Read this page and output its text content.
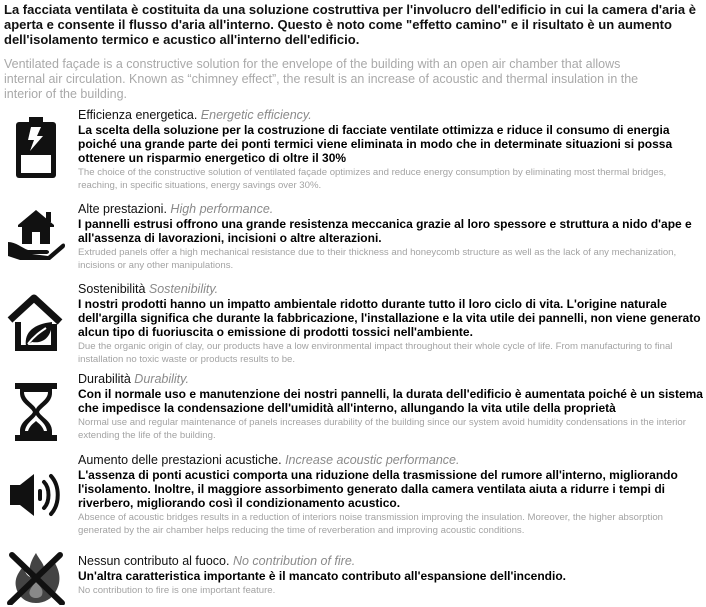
La facciata ventilata è costituita da una soluzione costruttiva per l'involucro dell'edificio in cui la camera d'aria è aperta e consente il flusso d'aria all'interno. Questo è noto come "effetto camino" e il risultato è un aumento dell'isolamento termico e acustico all'interno dell'edificio.
Ventilated façade is a constructive solution for the envelope of the building with an open air chamber that allows internal air circulation. Known as “chimney effect”, the result is an increase of acoustic and thermal insulation in the interior of the building.
Efficienza energetica. Energetic efficiency.
La scelta della soluzione per la costruzione di facciate ventilate ottimizza e riduce il consumo di energia poiché una grande parte dei ponti termici viene eliminata in modo che in determinate situazioni si possa ottenere un risparmio energetico di oltre il 30%
The choice of the constructive solution of ventilated façade optimizes and reduce energy consumption by eliminating most thermal bridges, reaching, in specific situations, energy savings over 30%.
Alte prestazioni. High performance.
I pannelli estrusi offrono una grande resistenza meccanica grazie al loro spessore e struttura a nido d'ape e all'assenza di lavorazioni, incisioni o altre alterazioni.
Extruded panels offer a high mechanical resistance due to their thickness and honeycomb structure as well as the lack of any mechanization, incisions or any other manipulations.
Sostenibilità Sostenibility.
I nostri prodotti hanno un impatto ambientale ridotto durante tutto il loro ciclo di vita. L'origine naturale dell'argilla significa che durante la fabbricazione, l'installazione e la vita utile dei pannelli, non viene generato alcun tipo di fuoriuscita o emissione di prodotti tossici nell'ambiente.
Due the organic origin of clay, our products have a low environmental impact throughout their whole cycle of life. From manufacturing to final installation no toxic waste or products results to be.
Durabilità Durability.
Con il normale uso e manutenzione dei nostri pannelli, la durata dell'edificio è aumentata poiché è un sistema che impedisce la condensazione dell'umidità all'interno, allungando la vita utile della proprietà
Normal use and regular maintenance of panels increases durability of the building since our system avoid humidity condensations in the interior extending the life of the building.
Aumento delle prestazioni acustiche. Increase acoustic performance.
L'assenza di ponti acustici comporta una riduzione della trasmissione del rumore all'interno, migliorando l'isolamento. Inoltre, il maggiore assorbimento generato dalla camera ventilata aiuta a ridurre i tempi di riverbero, migliorando così il condizionamento acustico.
Absence of acoustic bridges results in a reduction of interiors noise transmission improving the insulation. Moreover, the higher absorption generated by the air chamber helps reducing the time of reverberation and improving acoustic conditions.
Nessun contributo al fuoco. No contribution of fire.
Un'altra caratteristica importante è il mancato contributo all'espansione dell'incendio.
No contribution to fire is one important feature.
